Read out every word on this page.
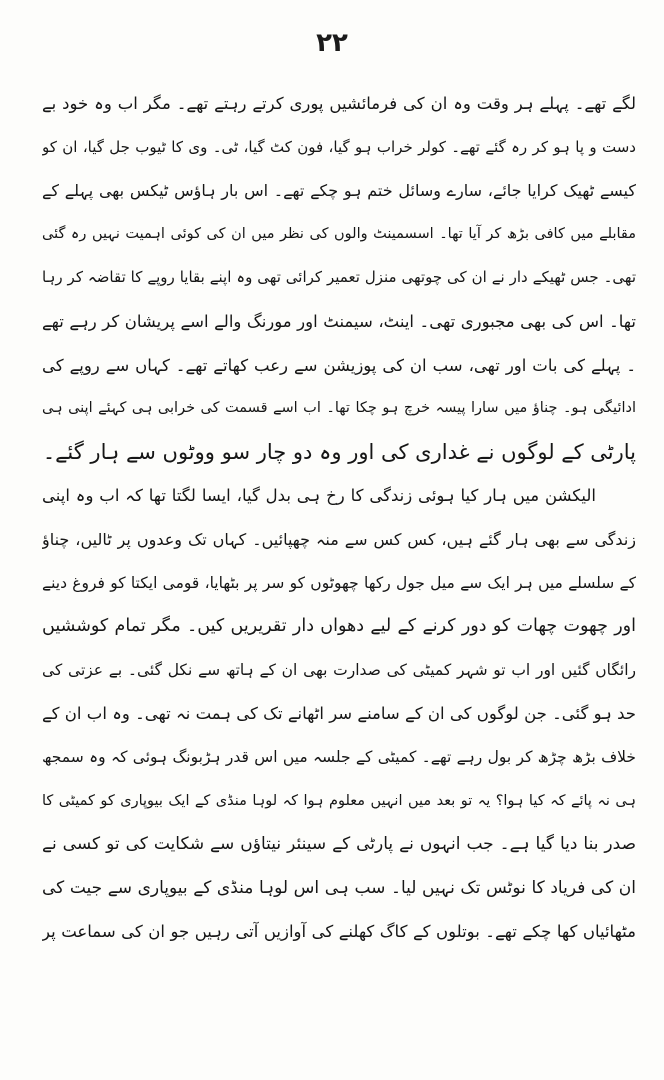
۲۲
لگے تھے۔ پہلے ہر وقت وہ ان کی فرمائشیں پوری کرتے رہتے تھے۔ مگر اب وہ خود بے
دست و پا ہو کر رہ گئے تھے۔ کولر خراب ہو گیا، فون کٹ گیا، ٹی۔ وی کا ٹیوب جل گیا، ان کو
کیسے ٹھیک کرایا جائے، سارے وسائل ختم ہو چکے تھے۔ اس بار ہاؤس ٹیکس بھی پہلے کے
مقابلے میں کافی بڑھ کر آیا تھا۔ اسسمینٹ والوں کی نظر میں ان کی کوئی اہمیت نہیں رہ گئی
تھی۔ جس ٹھیکے دار نے ان کی چوتھی منزل تعمیر کرائی تھی وہ اپنے بقایا روپے کا تقاضہ کر رہا
تھا۔ اس کی بھی مجبوری تھی۔ اینٹ، سیمنٹ اور مورنگ والے اسے پریشان کر رہے تھے
۔ پہلے کی بات اور تھی، سب ان کی پوزیشن سے رعب کھاتے تھے۔ کہاں سے روپے کی
ادائیگی ہو۔ چناؤ میں سارا پیسہ خرچ ہو چکا تھا۔ اب اسے قسمت کی خرابی ہی کہئے اپنی ہی
پارٹی کے لوگوں نے غداری کی اور وہ دو چار سو ووٹوں سے ہار گئے۔
الیکشن میں ہار کیا ہوئی زندگی کا رخ ہی بدل گیا، ایسا لگتا تھا کہ اب وہ اپنی
زندگی سے بھی ہار گئے ہیں، کس کس سے منہ چھپائیں۔ کہاں تک وعدوں پر ٹالیں، چناؤ
کے سلسلے میں ہر ایک سے میل جول رکھا چھوٹوں کو سر پر بٹھایا، قومی ایکتا کو فروغ دینے
اور چھوت چھات کو دور کرنے کے لیے دھواں دار تقریریں کیں۔ مگر تمام کوششیں
رائگاں گئیں اور اب تو شہر کمیٹی کی صدارت بھی ان کے ہاتھ سے نکل گئی۔ بے عزتی کی
حد ہو گئی۔ جن لوگوں کی ان کے سامنے سر اٹھانے تک کی ہمت نہ تھی۔ وہ اب ان کے
خلاف بڑھ چڑھ کر بول رہے تھے۔ کمیٹی کے جلسہ میں اس قدر ہڑبونگ ہوئی کہ وہ سمجھ
ہی نہ پائے کہ کیا ہوا؟ یہ تو بعد میں انہیں معلوم ہوا کہ لوہا منڈی کے ایک بیوپاری کو کمیٹی کا
صدر بنا دیا گیا ہے۔ جب انہوں نے پارٹی کے سینئر نیتاؤں سے شکایت کی تو کسی نے
ان کی فریاد کا نوٹس تک نہیں لیا۔ سب ہی اس لوہا منڈی کے بیوپاری سے جیت کی
مٹھائیاں کھا چکے تھے۔ بوتلوں کے کاگ کھلنے کی آوازیں آتی رہیں جو ان کی سماعت پر
